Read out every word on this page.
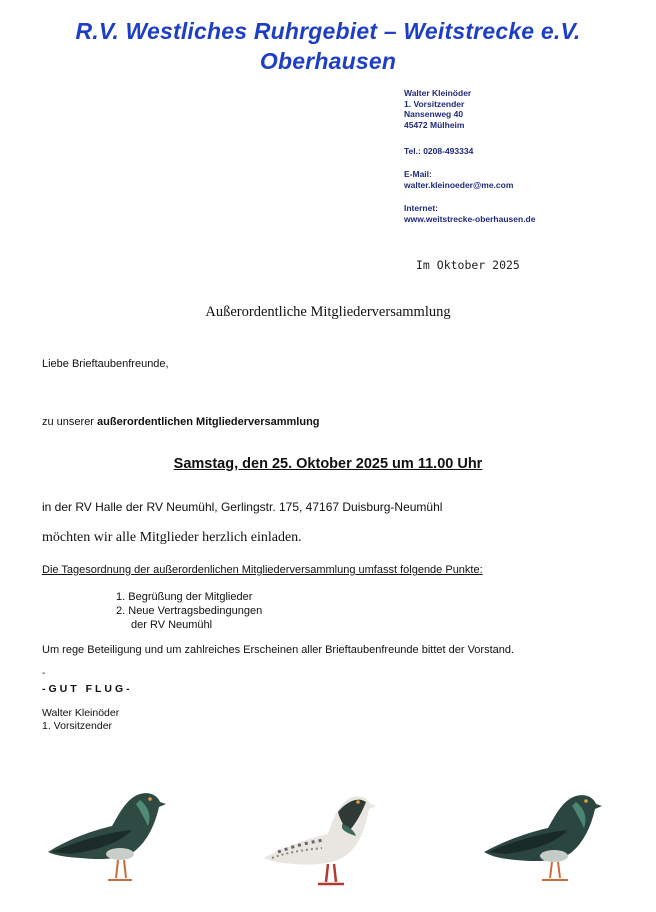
R.V. Westliches Ruhrgebiet – Weitstrecke e.V.
Oberhausen
Walter Kleinöder
1. Vorsitzender
Nansenweg 40
45472 Mülheim
Tel.: 0208-493334
E-Mail:
walter.kleinoeder@me.com
Internet:
www.weitstrecke-oberhausen.de
Im Oktober 2025
Außerordentliche Mitgliederversammlung
Liebe Brieftaubenfreunde,
zu unserer außerordentlichen Mitgliederversammlung
Samstag, den 25. Oktober 2025 um 11.00 Uhr
in der RV Halle der RV Neumühl, Gerlingstr. 175, 47167 Duisburg-Neumühl
möchten wir alle Mitglieder herzlich einladen.
Die Tagesordnung der außerordenlichen Mitgliederversammlung umfasst folgende Punkte:
1. Begrüßung der Mitglieder
2. Neue Vertragsbedingungen
der RV Neumühl
Um rege Beteiligung und um zahlreiches Erscheinen aller Brieftaubenfreunde bittet der Vorstand.
-
-GUT FLUG-
Walter Kleinöder
1. Vorsitzender
